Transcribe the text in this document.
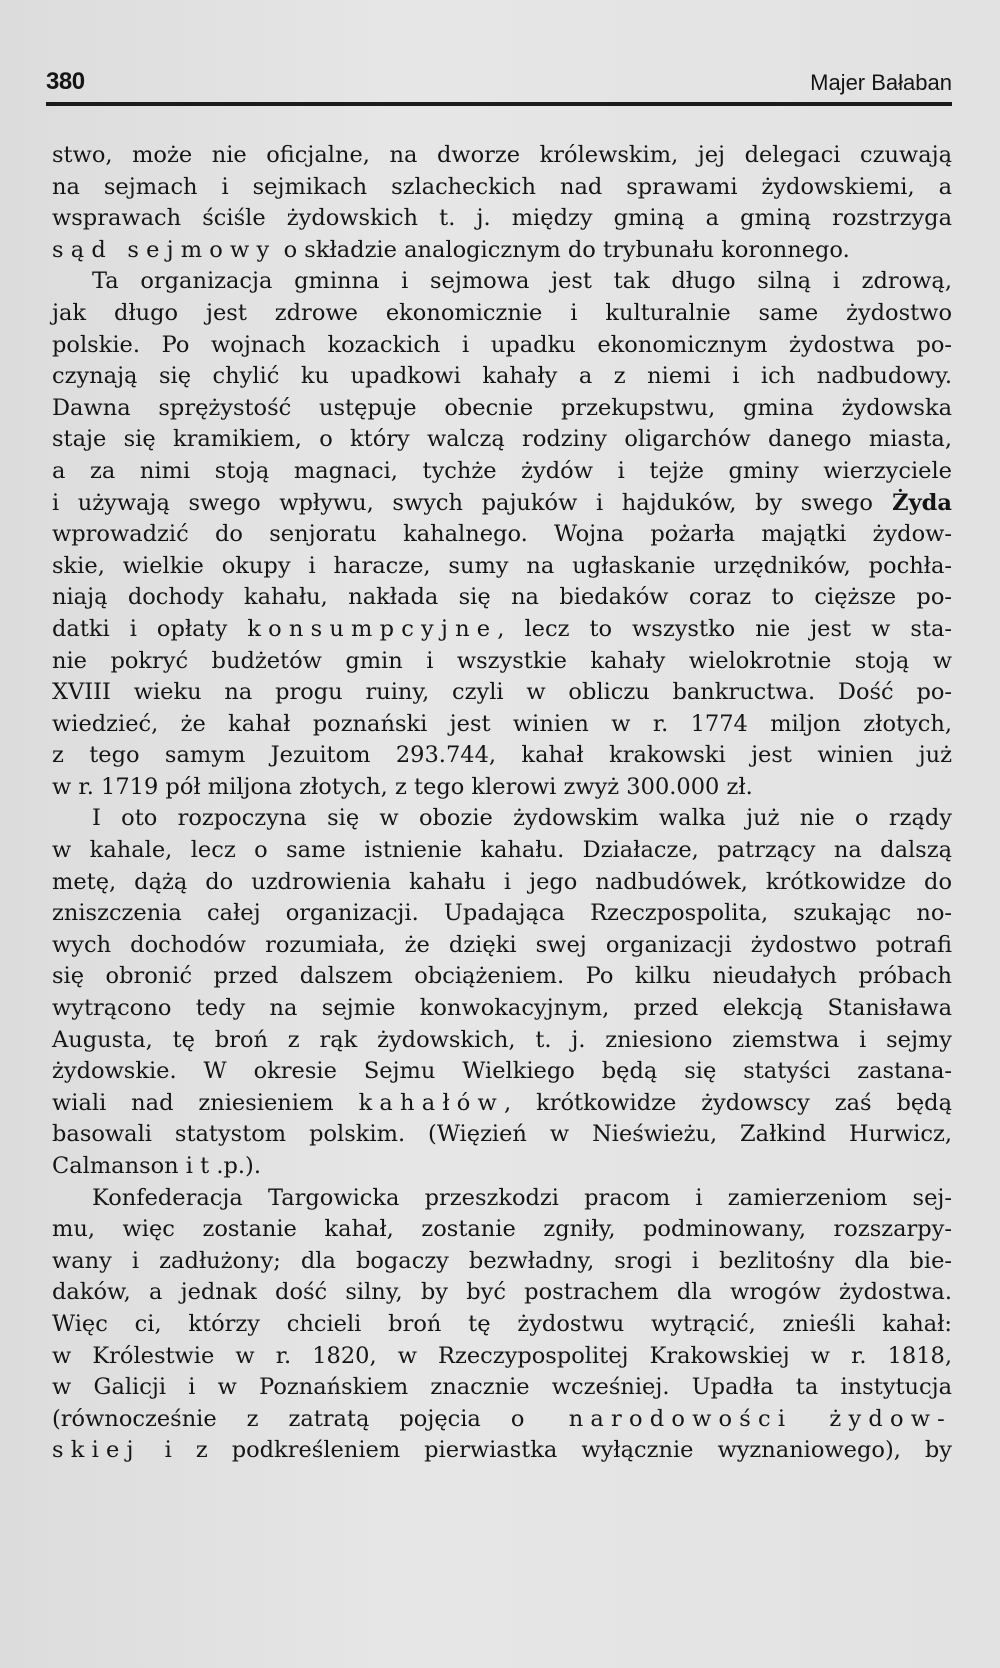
380	Majer Bałaban
stwo, może nie oficjalne, na dworze królewskim, jej delegaci czuwają
na sejmach i sejmikach szlacheckich nad sprawami żydowskiemi, a
wsprawach ściśle żydowskich t. j. między gminą a gminą rozstrzyga
sąd sejmowy o składzie analogicznym do trybunału koronnego.
Ta organizacja gminna i sejmowa jest tak długo silną i zdrową,
jak długo jest zdrowe ekonomicznie i kulturalnie same żydostwo
polskie. Po wojnach kozackich i upadku ekonomicznym żydostwa po-
czynają się chylić ku upadkowi kahały a z niemi i ich nadbudowy.
Dawna sprężystość ustępuje obecnie przekupstwu, gmina żydowska
staje się kramikiem, o który walczą rodziny oligarchów danego miasta,
a za nimi stoją magnaci, tychże żydów i tejże gminy wierzyciele
i używają swego wpływu, swych pajuków i hajduków, by swego Żyda
wprowadzić do senjoratu kahalnego. Wojna pożarła majątki żydow-
skie, wielkie okupy i haracze, sumy na ugłaskanie urzędników, pochła-
niają dochody kahału, nakłada się na biedaków coraz to cięższe po-
datki i opłaty konsumpcyjne, lecz to wszystko nie jest w sta-
nie pokryć budżetów gmin i wszystkie kahały wielokrotnie stoją w
XVIII wieku na progu ruiny, czyli w obliczu bankructwa. Dość po-
wiedzieć, że kahał poznański jest winien w r. 1774 miljon złotych,
z tego samym Jezuitom 293.744, kahał krakowski jest winien już
w r. 1719 pół miljona złotych, z tego klerowi zwyż 300.000 zł.
I oto rozpoczyna się w obozie żydowskim walka już nie o rządy
w kahale, lecz o same istnienie kahału. Działacze, patrzący na dalszą
metę, dążą do uzdrowienia kahału i jego nadbudówek, krótkowidze do
zniszczenia całej organizacji. Upadająca Rzeczpospolita, szukając no-
wych dochodów rozumiała, że dzięki swej organizacji żydostwo potrafi
się obronić przed dalszem obciążeniem. Po kilku nieudałych próbach
wytrącono tedy na sejmie konwokacyjnym, przed elekcją Stanisława
Augusta, tę broń z rąk żydowskich, t. j. zniesiono ziemstwa i sejmy
żydowskie. W okresie Sejmu Wielkiego będą się statyści zastana-
wiali nad zniesieniem kahałów, krótkowidze żydowscy zaś będą
basowali statystom polskim. (Więzień w Nieświeżu, Załkind Hurwicz,
Calmanson i t .p.).
Konfederacja Targowicka przeszkodzi pracom i zamierzeniom sej-
mu, więc zostanie kahał, zostanie zgniły, podminowany, rozszarpy-
wany i zadłużony; dla bogaczy bezwładny, srogi i bezlitośny dla bie-
daków, a jednak dość silny, by być postrachem dla wrogów żydostwa.
Więc ci, którzy chcieli broń tę żydostwu wytrącić, znieśli kahał:
w Królestwie w r. 1820, w Rzeczypospolitej Krakowskiej w r. 1818,
w Galicji i w Poznańskiem znacznie wcześniej. Upadła ta instytucja
(równocześnie z zatratą pojęcia o narodowości żydow-
skiej i z podkreśleniem pierwiastka wyłącznie wyznaniowego), by
